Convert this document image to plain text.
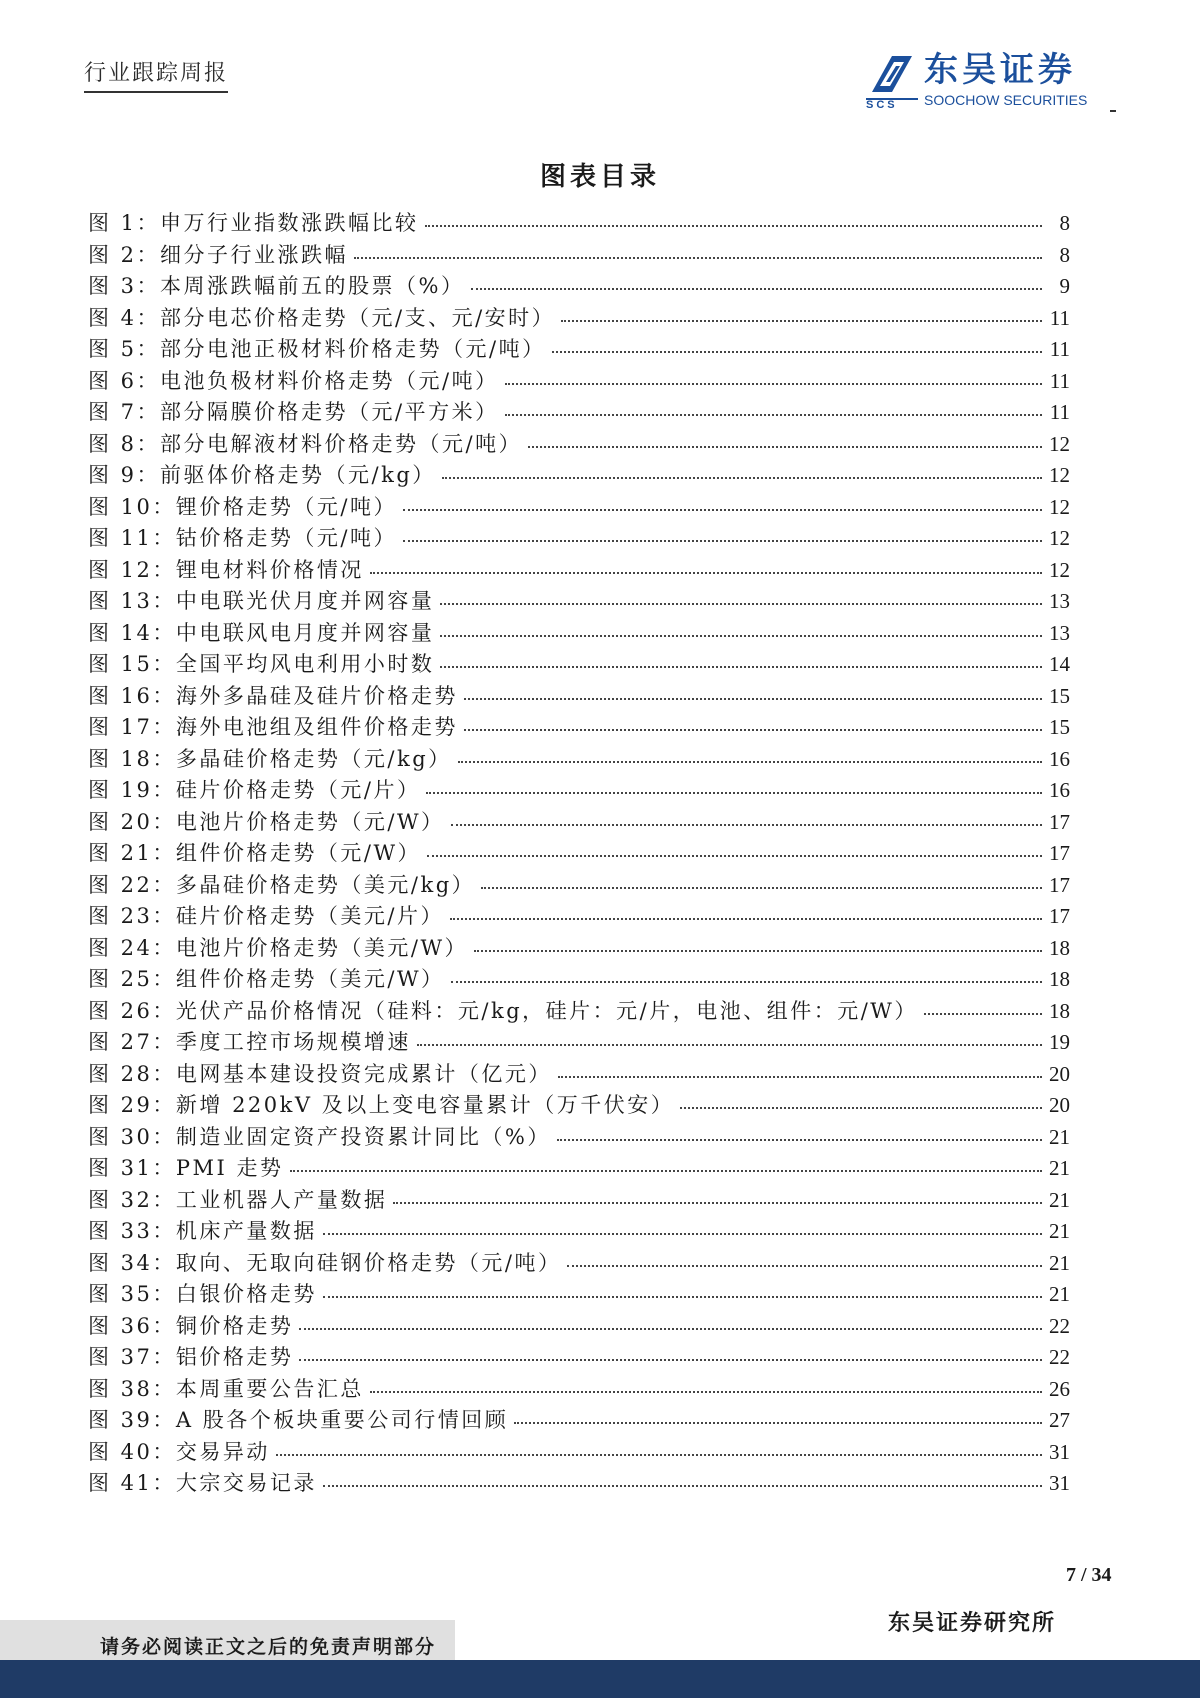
行业跟踪周报
SCS
东吴证券
SOOCHOW SECURITIES
图表目录
图 1：申万行业指数涨跌幅比较	8
图 2：细分子行业涨跌幅	8
图 3：本周涨跌幅前五的股票（%）	9
图 4：部分电芯价格走势（元/支、元/安时）	11
图 5：部分电池正极材料价格走势（元/吨）	11
图 6：电池负极材料价格走势（元/吨）	11
图 7：部分隔膜价格走势（元/平方米）	11
图 8：部分电解液材料价格走势（元/吨）	12
图 9：前驱体价格走势（元/kg）	12
图 10：锂价格走势（元/吨）	12
图 11：钴价格走势（元/吨）	12
图 12：锂电材料价格情况	12
图 13：中电联光伏月度并网容量	13
图 14：中电联风电月度并网容量	13
图 15：全国平均风电利用小时数	14
图 16：海外多晶硅及硅片价格走势	15
图 17：海外电池组及组件价格走势	15
图 18：多晶硅价格走势（元/kg）	16
图 19：硅片价格走势（元/片）	16
图 20：电池片价格走势（元/W）	17
图 21：组件价格走势（元/W）	17
图 22：多晶硅价格走势（美元/kg）	17
图 23：硅片价格走势（美元/片）	17
图 24：电池片价格走势（美元/W）	18
图 25：组件价格走势（美元/W）	18
图 26：光伏产品价格情况（硅料：元/kg，硅片：元/片，电池、组件：元/W）	18
图 27：季度工控市场规模增速	19
图 28：电网基本建设投资完成累计（亿元）	20
图 29：新增 220kV 及以上变电容量累计（万千伏安）	20
图 30：制造业固定资产投资累计同比（%）	21
图 31：PMI 走势	21
图 32：工业机器人产量数据	21
图 33：机床产量数据	21
图 34：取向、无取向硅钢价格走势（元/吨）	21
图 35：白银价格走势	21
图 36：铜价格走势	22
图 37：铝价格走势	22
图 38：本周重要公告汇总	26
图 39：A 股各个板块重要公司行情回顾	27
图 40：交易异动	31
图 41：大宗交易记录	31
7 / 34
东吴证券研究所
请务必阅读正文之后的免责声明部分
